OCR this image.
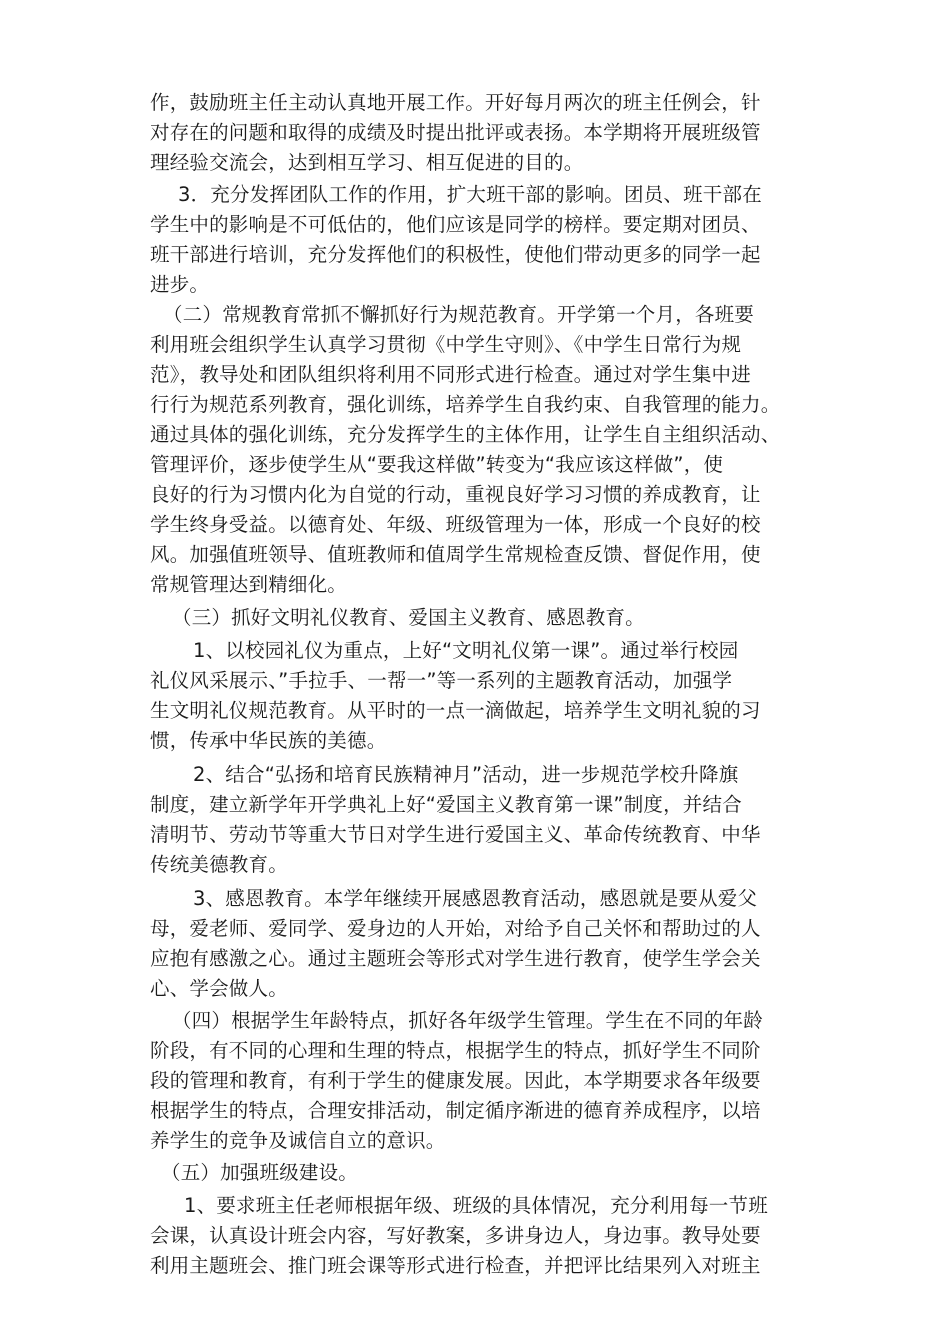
作，鼓励班主任主动认真地开展工作。开好每月两次的班主任例会，针
对存在的问题和取得的成绩及时提出批评或表扬。本学期将开展班级管
理经验交流会，达到相互学习、相互促进的目的。
3．充分发挥团队工作的作用，扩大班干部的影响。团员、班干部在
学生中的影响是不可低估的，他们应该是同学的榜样。要定期对团员、
班干部进行培训，充分发挥他们的积极性，使他们带动更多的同学一起
进步。
（二）常规教育常抓不懈抓好行为规范教育。开学第一个月，各班要
利用班会组织学生认真学习贯彻《中学生守则》、《中学生日常行为规
范》，教导处和团队组织将利用不同形式进行检查。通过对学生集中进
行行为规范系列教育，强化训练，培养学生自我约束、自我管理的能力。
通过具体的强化训练，充分发挥学生的主体作用，让学生自主组织活动、
管理评价，逐步使学生从“要我这样做”转变为“我应该这样做”，使
良好的行为习惯内化为自觉的行动，重视良好学习习惯的养成教育，让
学生终身受益。以德育处、年级、班级管理为一体，形成一个良好的校
风。加强值班领导、值班教师和值周学生常规检查反馈、督促作用，使
常规管理达到精细化。
（三）抓好文明礼仪教育、爱国主义教育、感恩教育。
1、以校园礼仪为重点，上好“文明礼仪第一课”。通过举行校园
礼仪风采展示、”手拉手、一帮一”等一系列的主题教育活动，加强学
生文明礼仪规范教育。从平时的一点一滴做起，培养学生文明礼貌的习
惯，传承中华民族的美德。
2、结合“弘扬和培育民族精神月”活动，进一步规范学校升降旗
制度，建立新学年开学典礼上好“爱国主义教育第一课”制度，并结合
清明节、劳动节等重大节日对学生进行爱国主义、革命传统教育、中华
传统美德教育。
3、感恩教育。本学年继续开展感恩教育活动，感恩就是要从爱父
母，爱老师、爱同学、爱身边的人开始，对给予自己关怀和帮助过的人
应抱有感激之心。通过主题班会等形式对学生进行教育，使学生学会关
心、学会做人。
（四）根据学生年龄特点，抓好各年级学生管理。学生在不同的年龄
阶段，有不同的心理和生理的特点，根据学生的特点，抓好学生不同阶
段的管理和教育，有利于学生的健康发展。因此，本学期要求各年级要
根据学生的特点，合理安排活动，制定循序渐进的德育养成程序，以培
养学生的竞争及诚信自立的意识。
（五）加强班级建设。
1、要求班主任老师根据年级、班级的具体情况，充分利用每一节班
会课，认真设计班会内容，写好教案，多讲身边人，身边事。教导处要
利用主题班会、推门班会课等形式进行检查，并把评比结果列入对班主
